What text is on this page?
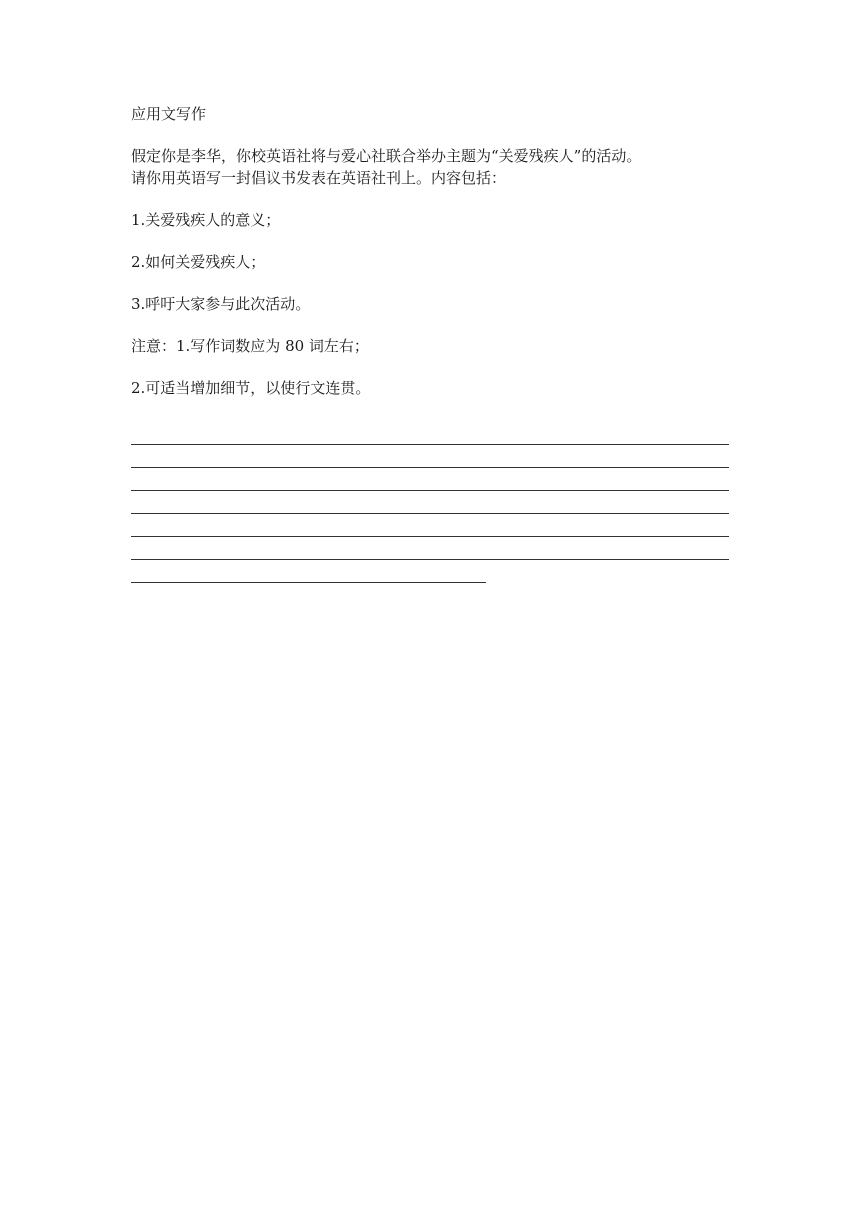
应用文写作

假定你是李华，你校英语社将与爱心社联合举办主题为“关爱残疾人”的活动。

请你用英语写一封倡议书发表在英语社刊上。内容包括：

1.关爱残疾人的意义；

2.如何关爱残疾人；

3.呼吁大家参与此次活动。

注意：1.写作词数应为 80 词左右；

2.可适当增加细节，以使行文连贯。
